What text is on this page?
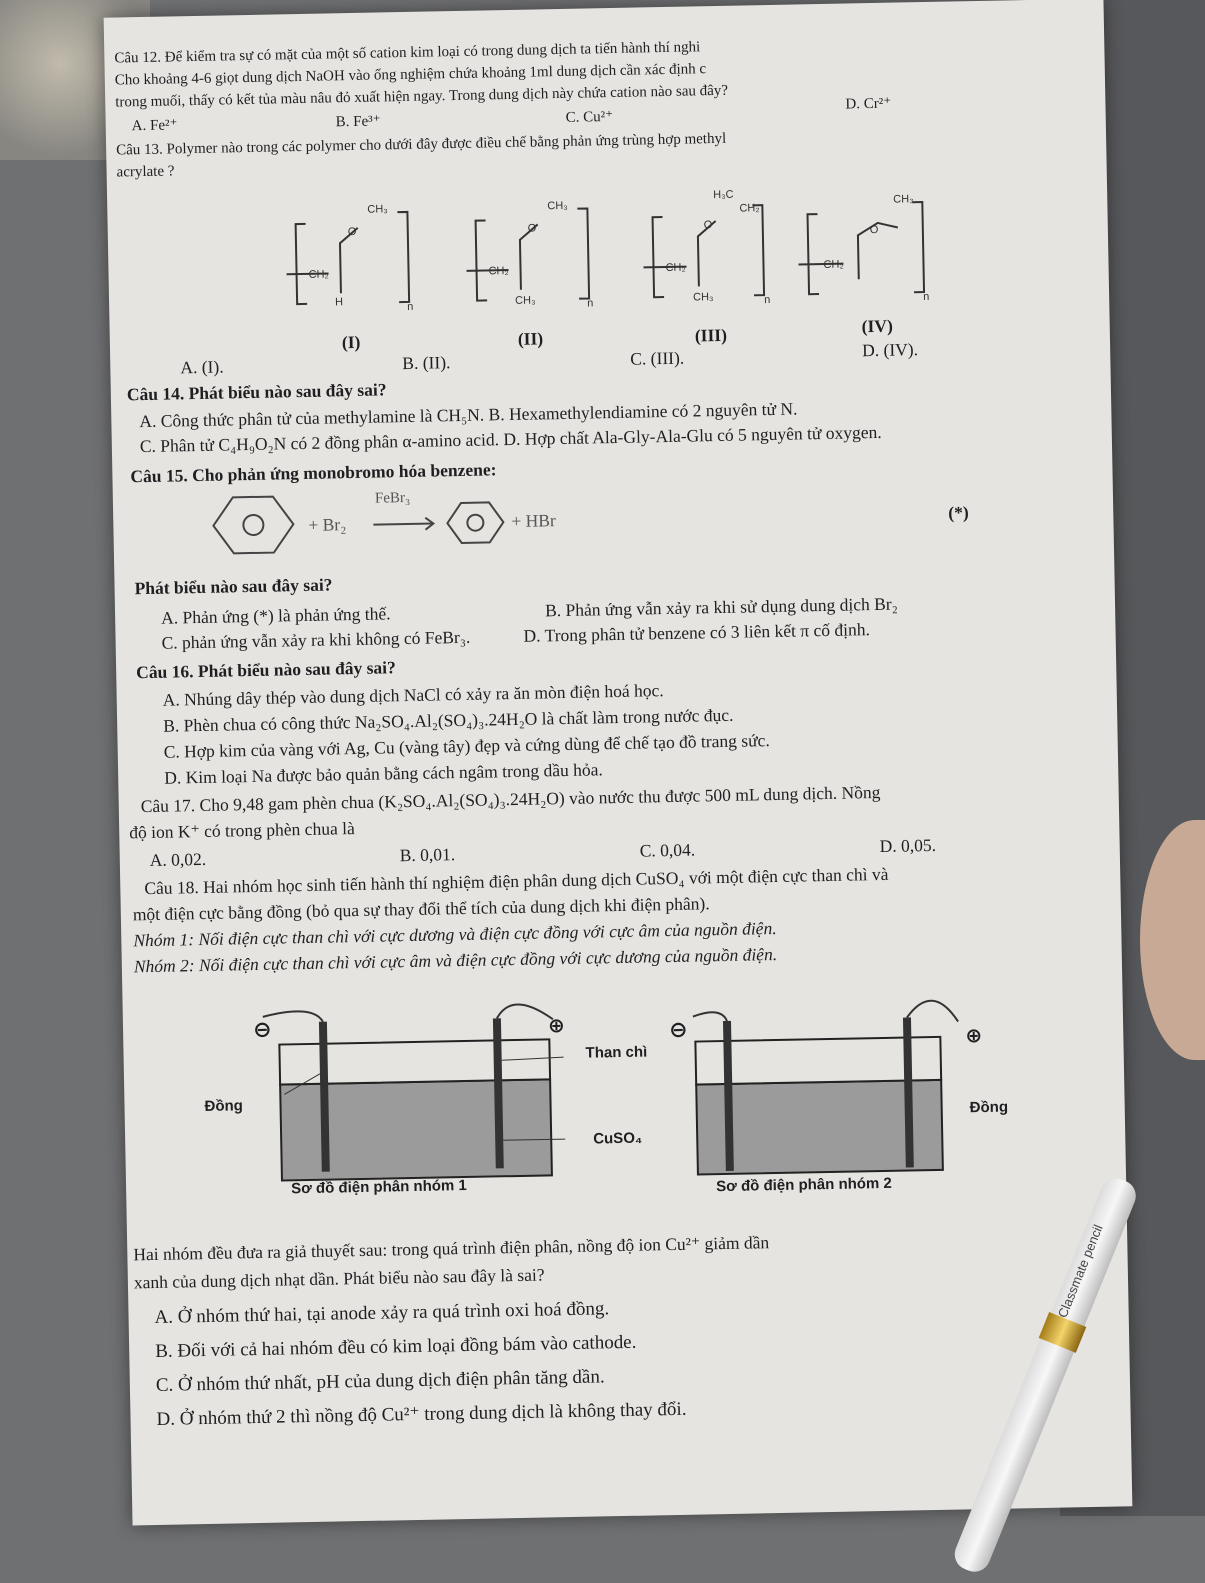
Câu 12. Để kiểm tra sự có mặt của một số cation kim loại có trong dung dịch ta tiến hành thí nghi
Cho khoảng 4-6 giọt dung dịch NaOH vào ống nghiệm chứa khoảng 1ml dung dịch cần xác định c
trong muối, thấy có kết tủa màu nâu đỏ xuất hiện ngay. Trong dung dịch này chứa cation nào sau đây?
A. Fe²⁺	B. Fe³⁺	C. Cu²⁺
D. Cr²⁺
Câu 13. Polymer nào trong các polymer cho dưới đây được điều chế bằng phản ứng trùng hợp methyl
acrylate ?
CH₂
O
H
CH₃
CH₂
O
CH₃
CH₃
CH₂
O
CH₃
H₃C
CH₂
CH₂
O
CH₃
n	n	n	n
(I)	(II)	(III)	(IV)
A. (I).	B. (II).	C. (III).	D. (IV).
Câu 14. Phát biểu nào sau đây sai?
A. Công thức phân tử của methylamine là CH₅N. B. Hexamethylendiamine có 2 nguyên tử N.
C. Phân tử C₄H₉O₂N có 2 đồng phân α-amino acid. D. Hợp chất Ala-Gly-Ala-Glu có 5 nguyên tử oxygen.
Câu 15. Cho phản ứng monobromo hóa benzene:
+ Br₂
FeBr₃
+ HBr	(*)
Phát biểu nào sau đây sai?
A. Phản ứng (*) là phản ứng thế.	B. Phản ứng vẫn xảy ra khi sử dụng dung dịch Br₂
C. phản ứng vẫn xảy ra khi không có FeBr₃.	D. Trong phân tử benzene có 3 liên kết π cố định.
Câu 16. Phát biểu nào sau đây sai?
A. Nhúng dây thép vào dung dịch NaCl có xảy ra ăn mòn điện hoá học.
B. Phèn chua có công thức Na₂SO₄.Al₂(SO₄)₃.24H₂O là chất làm trong nước đục.
C. Hợp kim của vàng với Ag, Cu (vàng tây) đẹp và cứng dùng để chế tạo đồ trang sức.
D. Kim loại Na được bảo quản bằng cách ngâm trong dầu hỏa.
Câu 17. Cho 9,48 gam phèn chua (K₂SO₄.Al₂(SO₄)₃.24H₂O) vào nước thu được 500 mL dung dịch. Nồng
độ ion K⁺ có trong phèn chua là
A. 0,02.	B. 0,01.	C. 0,04.	D. 0,05.
Câu 18. Hai nhóm học sinh tiến hành thí nghiệm điện phân dung dịch CuSO₄ với một điện cực than chì và
một điện cực bằng đồng (bỏ qua sự thay đổi thể tích của dung dịch khi điện phân).
Nhóm 1: Nối điện cực than chì với cực dương và điện cực đồng với cực âm của nguồn điện.
Nhóm 2: Nối điện cực than chì với cực âm và điện cực đồng với cực dương của nguồn điện.
⊖	⊕
Đồng
Than chì
CuSO₄
Sơ đồ điện phân nhóm 1
⊖	⊕
Đồng
Sơ đồ điện phân nhóm 2
Hai nhóm đều đưa ra giả thuyết sau: trong quá trình điện phân, nồng độ ion Cu²⁺ giảm dần
xanh của dung dịch nhạt dần. Phát biểu nào sau đây là sai?
A. Ở nhóm thứ hai, tại anode xảy ra quá trình oxi hoá đồng.
B. Đối với cả hai nhóm đều có kim loại đồng bám vào cathode.
C. Ở nhóm thứ nhất, pH của dung dịch điện phân tăng dần.
D. Ở nhóm thứ 2 thì nồng độ Cu²⁺ trong dung dịch là không thay đổi.
Classmate pencil
